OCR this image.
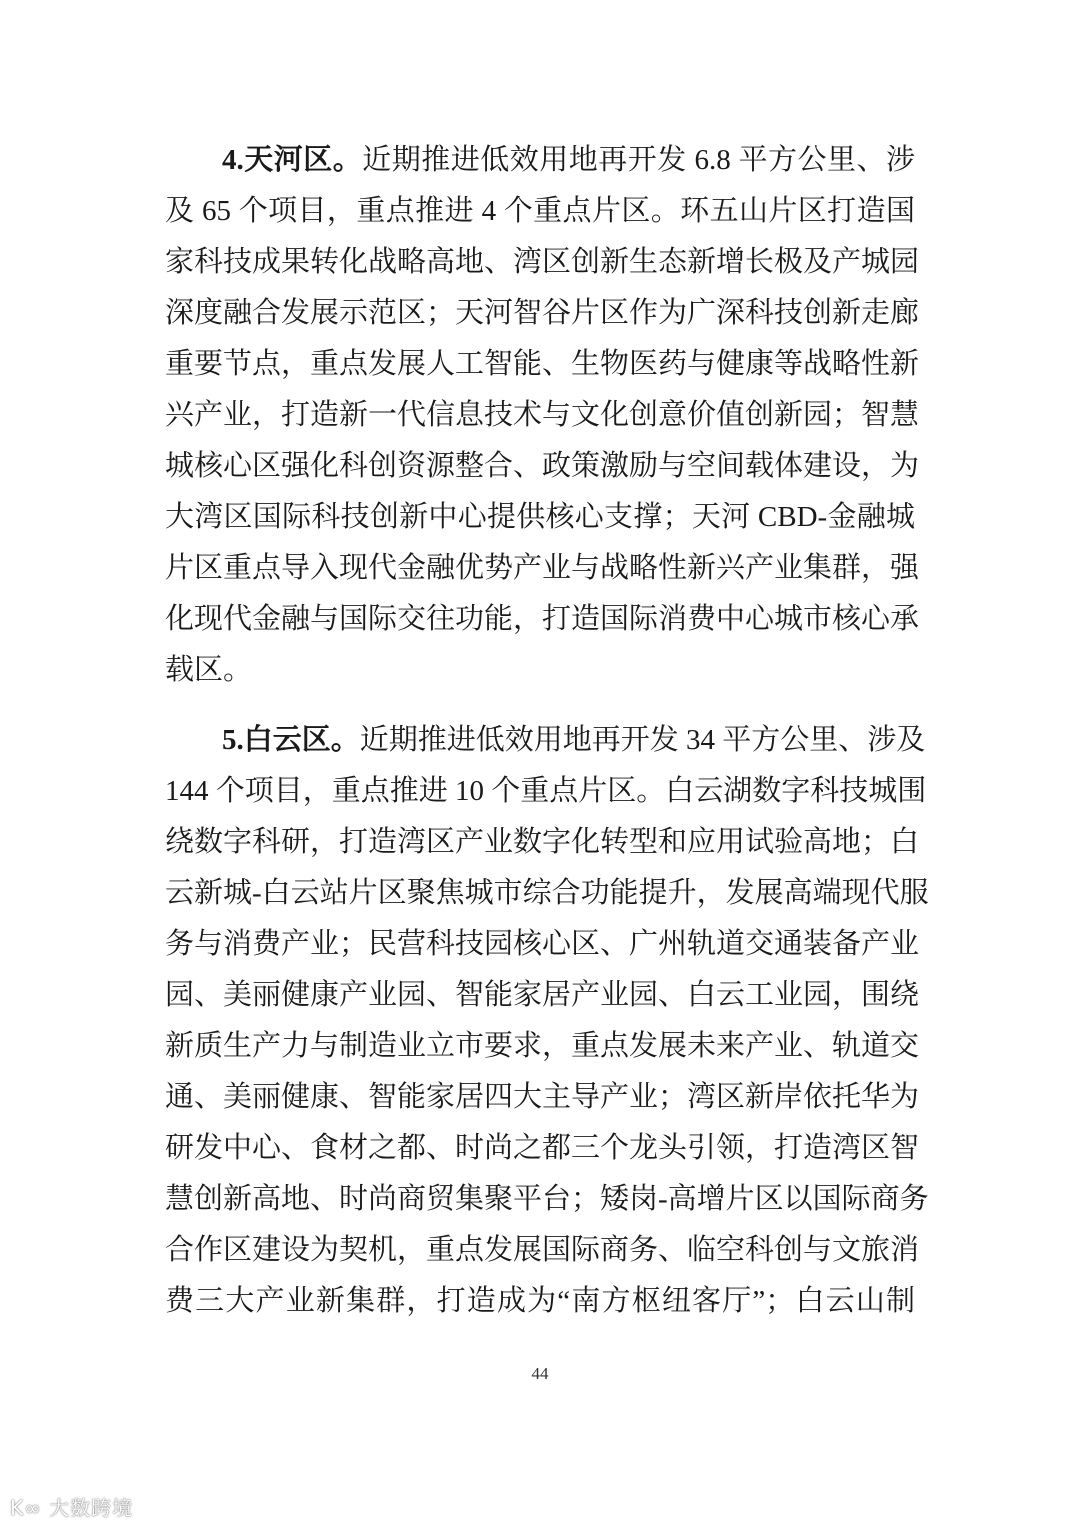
4.天河区。近期推进低效用地再开发 6.8 平方公里、涉
及 65 个项目，重点推进 4 个重点片区。环五山片区打造国
家科技成果转化战略高地、湾区创新生态新增长极及产城园
深度融合发展示范区；天河智谷片区作为广深科技创新走廊
重要节点，重点发展人工智能、生物医药与健康等战略性新
兴产业，打造新一代信息技术与文化创意价值创新园；智慧
城核心区强化科创资源整合、政策激励与空间载体建设，为
大湾区国际科技创新中心提供核心支撑；天河 CBD-金融城
片区重点导入现代金融优势产业与战略性新兴产业集群，强
化现代金融与国际交往功能，打造国际消费中心城市核心承
载区。
5.白云区。近期推进低效用地再开发 34 平方公里、涉及
144 个项目，重点推进 10 个重点片区。白云湖数字科技城围
绕数字科研，打造湾区产业数字化转型和应用试验高地；白
云新城-白云站片区聚焦城市综合功能提升，发展高端现代服
务与消费产业；民营科技园核心区、广州轨道交通装备产业
园、美丽健康产业园、智能家居产业园、白云工业园，围绕
新质生产力与制造业立市要求，重点发展未来产业、轨道交
通、美丽健康、智能家居四大主导产业；湾区新岸依托华为
研发中心、食材之都、时尚之都三个龙头引领，打造湾区智
慧创新高地、时尚商贸集聚平台；矮岗-高增片区以国际商务
合作区建设为契机，重点发展国际商务、临空科创与文旅消
费三大产业新集群，打造成为“南方枢纽客厅”；白云山制
44
K∞ 大数跨境
